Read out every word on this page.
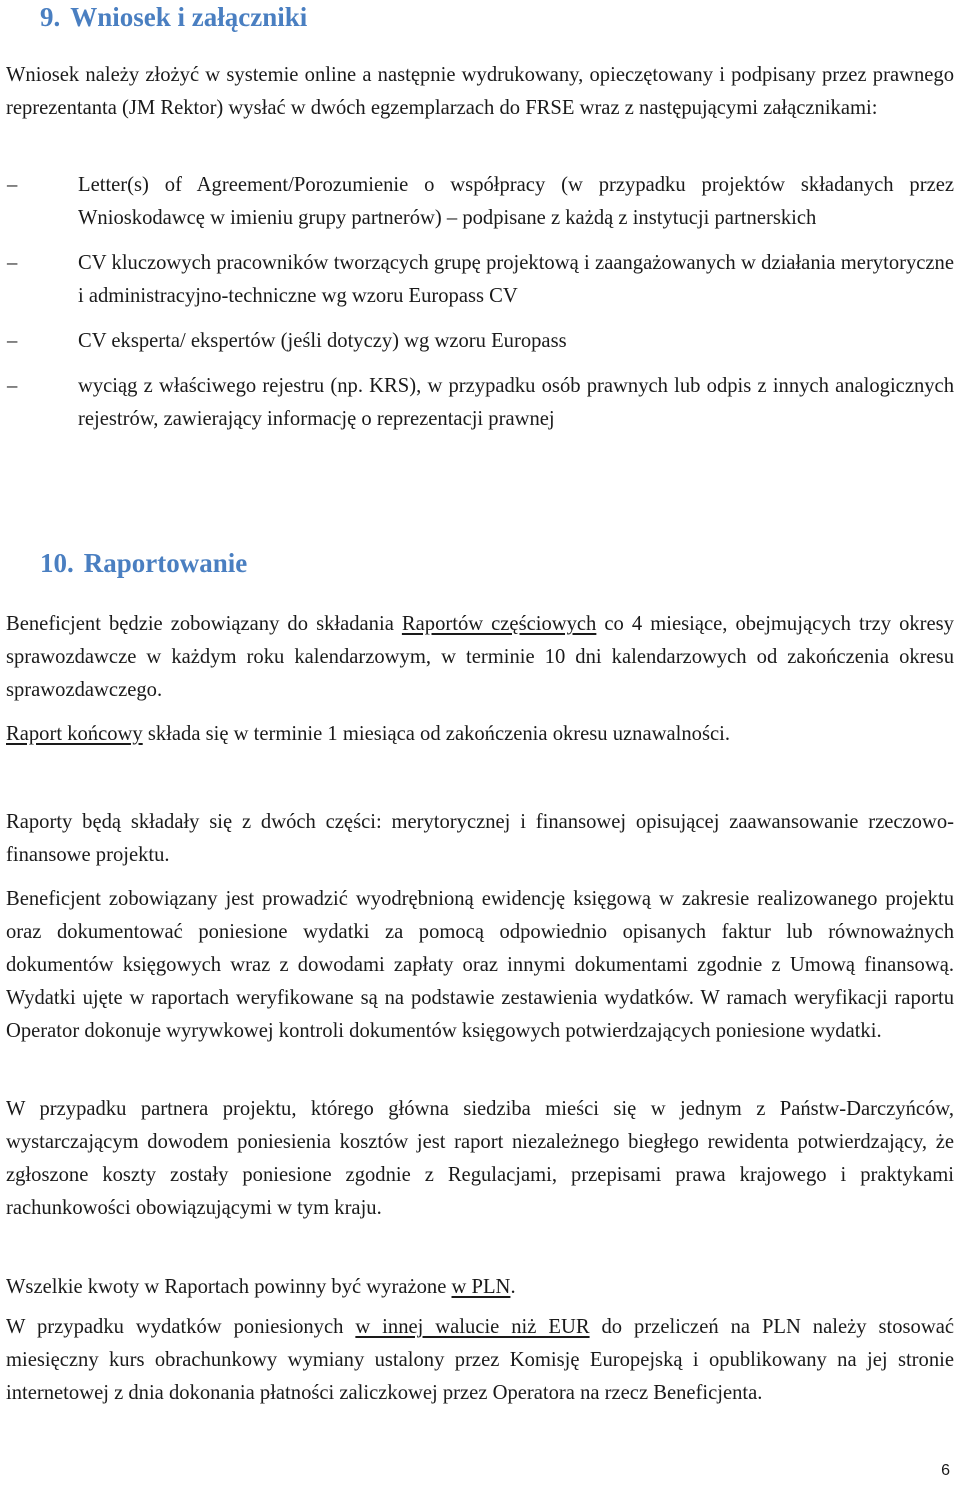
9. Wniosek i załączniki

Wniosek należy złożyć w systemie online a następnie wydrukowany, opieczętowany i podpisany przez prawnego reprezentanta (JM Rektor) wysłać w dwóch egzemplarzach do FRSE wraz z następującymi załącznikami:

–
Letter(s) of Agreement/Porozumienie o współpracy (w przypadku projektów składanych przez Wnioskodawcę w imieniu grupy partnerów) – podpisane z każdą z instytucji partnerskich
–
CV kluczowych pracowników tworzących grupę projektową i zaangażowanych w działania merytoryczne i administracyjno-techniczne wg wzoru Europass CV
–
CV eksperta/ ekspertów (jeśli dotyczy) wg wzoru Europass
–
wyciąg z właściwego rejestru (np. KRS), w przypadku osób prawnych lub odpis z innych analogicznych rejestrów, zawierający informację o reprezentacji prawnej
10. Raportowanie

Beneficjent będzie zobowiązany do składania Raportów częściowych co 4 miesiące, obejmujących trzy okresy sprawozdawcze w każdym roku kalendarzowym, w terminie 10 dni kalendarzowych od zakończenia okresu sprawozdawczego.

Raport końcowy składa się w terminie 1 miesiąca od zakończenia okresu uznawalności.

Raporty będą składały się z dwóch części: merytorycznej i finansowej opisującej zaawansowanie rzeczowo-finansowe projektu.

Beneficjent zobowiązany jest prowadzić wyodrębnioną ewidencję księgową w zakresie realizowanego projektu oraz dokumentować poniesione wydatki za pomocą odpowiednio opisanych faktur lub równoważnych dokumentów księgowych wraz z dowodami zapłaty oraz innymi dokumentami zgodnie z Umową finansową. Wydatki ujęte w raportach weryfikowane są na podstawie zestawienia wydatków. W ramach weryfikacji raportu Operator dokonuje wyrywkowej kontroli dokumentów księgowych potwierdzających poniesione wydatki.

W przypadku partnera projektu, którego główna siedziba mieści się w jednym z Państw-Darczyńców, wystarczającym dowodem poniesienia kosztów jest raport niezależnego biegłego rewidenta potwierdzający, że zgłoszone koszty zostały poniesione zgodnie z Regulacjami, przepisami prawa krajowego i praktykami rachunkowości obowiązującymi w tym kraju.

Wszelkie kwoty w Raportach powinny być wyrażone w PLN.

W przypadku wydatków poniesionych w innej walucie niż EUR do przeliczeń na PLN należy stosować miesięczny kurs obrachunkowy wymiany ustalony przez Komisję Europejską i opublikowany na jej stronie internetowej z dnia dokonania płatności zaliczkowej przez Operatora na rzecz Beneficjenta.

6
